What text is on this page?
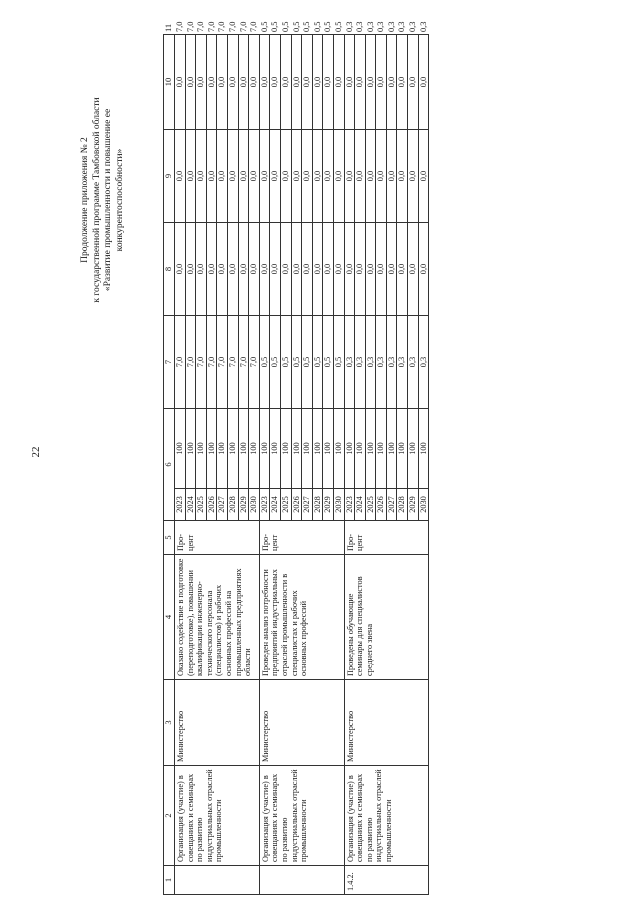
22
Продолжение приложения № 2 к государственной программе Тамбовской области «Развитие промышленности и повышение ее конкурентоспособности»
1	2	3	4	5	6		7	8	9	10	11
	Организация (участие) в совещаниях и семинарах по развитию индустриальных отраслей промышленности	Министерство	Оказано содействие в подготовке (переподготовке), повышении квалификации инженерно-технического персонала (специалистов) и рабочих основных профессий на промышленных предприятиях области	Про-цент	2023	100	7,0	0,0	0,0	0,0	7,0
					2024	100	7,0	0,0	0,0	0,0	7,0
					2025	100	7,0	0,0	0,0	0,0	7,0
					2026	100	7,0	0,0	0,0	0,0	7,0
					2027	100	7,0	0,0	0,0	0,0	7,0
					2028	100	7,0	0,0	0,0	0,0	7,0
					2029	100	7,0	0,0	0,0	0,0	7,0
					2030	100	7,0	0,0	0,0	0,0	7,0
	Организация (участие) в совещаниях и семинарах по развитию индустриальных отраслей промышленности	Министерство	Проведен анализ потребности предприятий индустриальных отраслей промышленности в специалистах и рабочих основных профессий	Про-цент	2023	100	0,5	0,0	0,0	0,0	0,5
					2024	100	0,5	0,0	0,0	0,0	0,5
					2025	100	0,5	0,0	0,0	0,0	0,5
					2026	100	0,5	0,0	0,0	0,0	0,5
					2027	100	0,5	0,0	0,0	0,0	0,5
					2028	100	0,5	0,0	0,0	0,0	0,5
					2029	100	0,5	0,0	0,0	0,0	0,5
					2030	100	0,5	0,0	0,0	0,0	0,5
1.4.2.	Организация (участие) в совещаниях и семинарах по развитию индустриальных отраслей промышленности	Министерство	Проведены обучающие семинары для специалистов среднего звена	Про-цент	2023	100	0,3	0,0	0,0	0,0	0,3
					2024	100	0,3	0,0	0,0	0,0	0,3
					2025	100	0,3	0,0	0,0	0,0	0,3
					2026	100	0,3	0,0	0,0	0,0	0,3
					2027	100	0,3	0,0	0,0	0,0	0,3
					2028	100	0,3	0,0	0,0	0,0	0,3
					2029	100	0,3	0,0	0,0	0,0	0,3
					2030	100	0,3	0,0	0,0	0,0	0,3
